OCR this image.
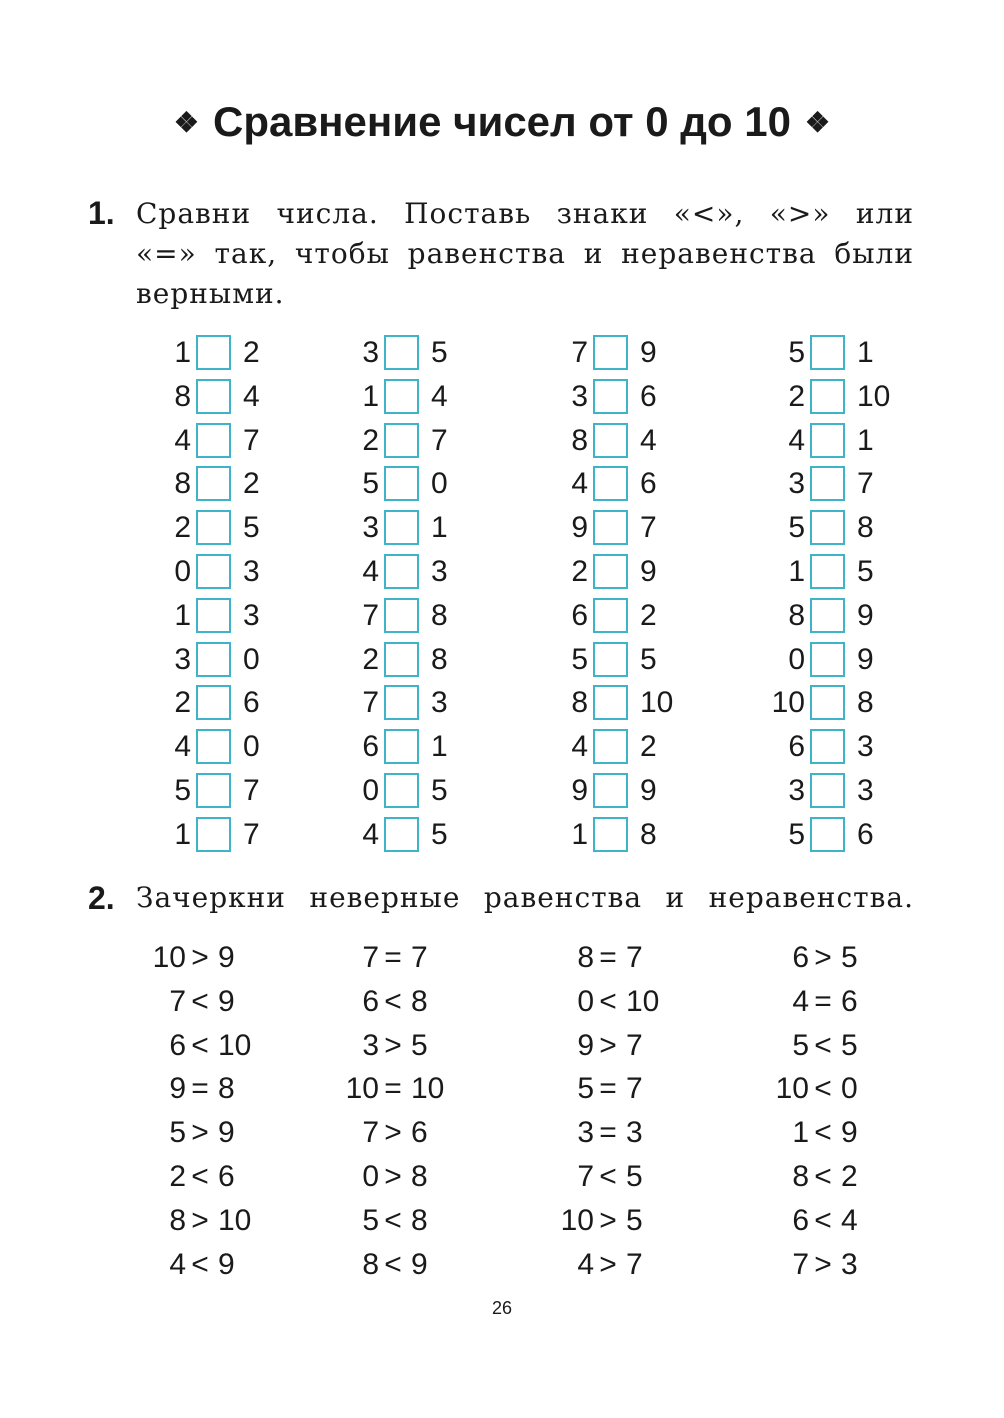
❖ Сравнение чисел от 0 до 10 ❖
1. Сравни числа. Поставь знаки «<», «>» или
«=» так, чтобы равенства и неравенства были
верными.
1 2
8 4
4 7
8 2
2 5
0 3
1 3
3 0
2 6
4 0
5 7
1 7
3 5
1 4
2 7
5 0
3 1
4 3
7 8
2 8
7 3
6 1
0 5
4 5
7 9
3 6
8 4
4 6
9 7
2 9
6 2
5 5
8 10
4 2
9 9
1 8
5 1
2 10
4 1
3 7
5 8
1 5
8 9
0 9
10 8
6 3
3 3
5 6
2. Зачеркни неверные равенства и неравенства.
10 > 9
7 < 9
6 < 10
9 = 8
5 > 9
2 < 6
8 > 10
4 < 9
7 = 7
6 < 8
3 > 5
10 = 10
7 > 6
0 > 8
5 < 8
8 < 9
8 = 7
0 < 10
9 > 7
5 = 7
3 = 3
7 < 5
10 > 5
4 > 7
6 > 5
4 = 6
5 < 5
10 < 0
1 < 9
8 < 2
6 < 4
7 > 3
26
